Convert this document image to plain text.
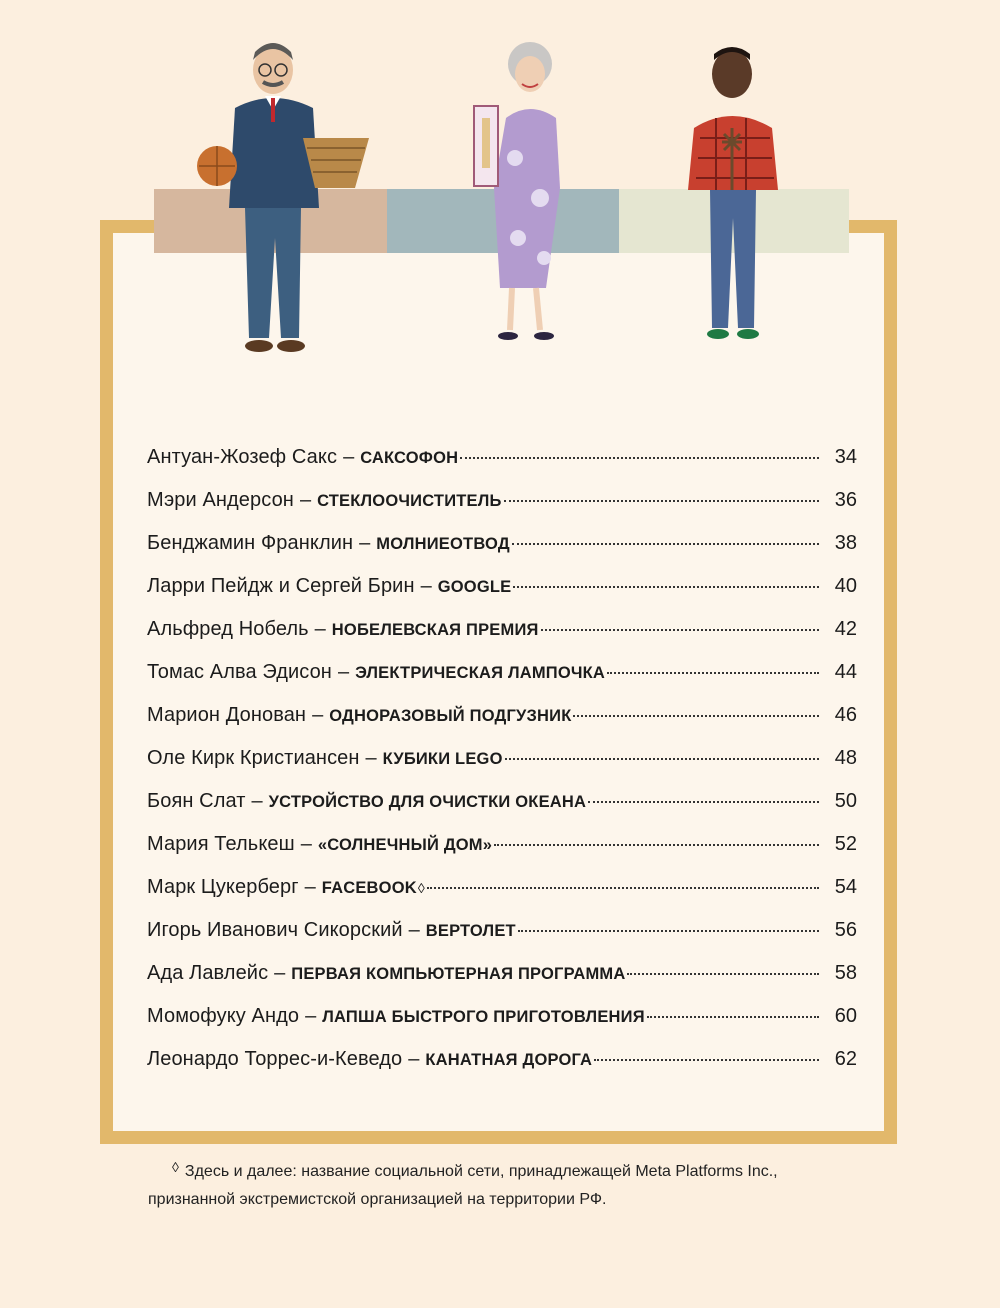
Антуан-Жозеф Сакс – САКСОФОН	34
Мэри Андерсон – СТЕКЛООЧИСТИТЕЛЬ	36
Бенджамин Франклин – МОЛНИЕОТВОД	38
Ларри Пейдж и Сергей Брин – GOOGLE	40
Альфред Нобель – НОБЕЛЕВСКАЯ ПРЕМИЯ	42
Томас Алва Эдисон – ЭЛЕКТРИЧЕСКАЯ ЛАМПОЧКА	44
Марион Донован – ОДНОРАЗОВЫЙ ПОДГУЗНИК	46
Оле Кирк Кристиансен – КУБИКИ LEGO	48
Боян Слат – УСТРОЙСТВО ДЛЯ ОЧИСТКИ ОКЕАНА	50
Мария Телькеш – «СОЛНЕЧНЫЙ ДОМ»	52
Марк Цукерберг – FACEBOOK ◊	54
Игорь Иванович Сикорский – ВЕРТОЛЕТ	56
Ада Лавлейс – ПЕРВАЯ КОМПЬЮТЕРНАЯ ПРОГРАММА	58
Момофуку Андо – ЛАПША БЫСТРОГО ПРИГОТОВЛЕНИЯ	60
Леонардо Торрес-и-Кеведо – КАНАТНАЯ ДОРОГА	62
◊ Здесь и далее: название социальной сети, принадлежащей Meta Platforms Inc.,
признанной экстремистской организацией на территории РФ.
